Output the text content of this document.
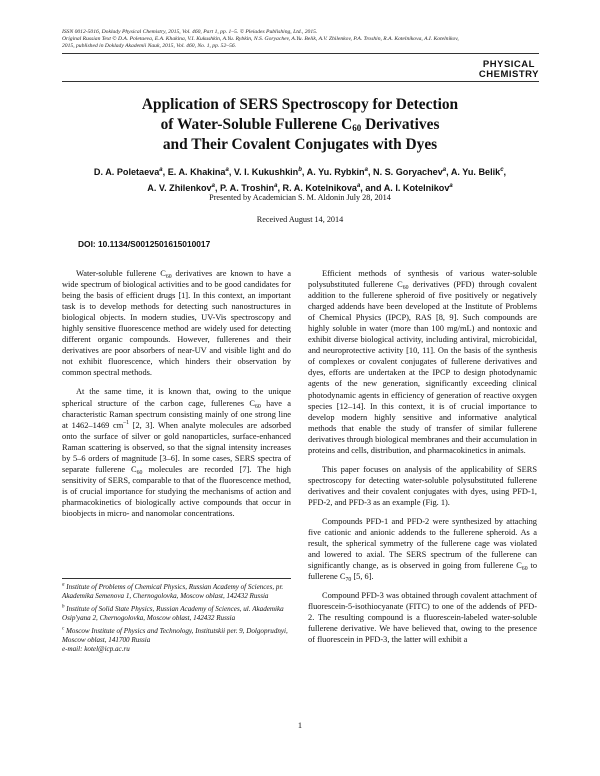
ISSN 0012-5016, Doklady Physical Chemistry, 2015, Vol. 460, Part 1, pp. 1–5. © Pleiades Publishing, Ltd., 2015.
Original Russian Text © D.A. Poletaeva, E.A. Khakina, V.I. Kukushkin, A.Yu. Rybkin, N.S. Goryachev, A.Yu. Belik, A.V. Zhilenkov, P.A. Troshin, R.A. Kotelnikova, A.I. Kotelnikov,
2015, published in Doklady Akademii Nauk, 2015, Vol. 460, No. 1, pp. 52–56.
PHYSICAL
CHEMISTRY
Application of SERS Spectroscopy for Detection
of Water-Soluble Fullerene $C_{60}$ Derivatives
and Their Covalent Conjugates with Dyes
D. A. Poletaeva$^a$, E. A. Khakina$^a$, V. I. Kukushkin$^b$, A. Yu. Rybkin$^a$, N. S. Goryachev$^a$, A. Yu. Belik$^c$,
A. V. Zhilenkov$^a$, P. A. Troshin$^a$, R. A. Kotelnikova$^a$, and A. I. Kotelnikov$^a$
Presented by Academician S. M. Aldonin July 28, 2014
Received August 14, 2014
DOI: 10.1134/S0012501615010017

Water-soluble fullerene $C_{60}$ derivatives are known to have a wide spectrum of biological activities and to be good candidates for being the basis of efficient drugs [1]. In this context, an important task is to develop methods for detecting such nanostructures in biological objects. In modern studies, UV-Vis spectroscopy and highly sensitive fluorescence method are widely used for detecting different organic compounds. However, fullerenes and their derivatives are poor absorbers of near-UV and visible light and do not exhibit fluorescence, which hinders their observation by common spectral methods.

At the same time, it is known that, owing to the unique spherical structure of the carbon cage, fullerenes $C_{60}$ have a characteristic Raman spectrum consisting mainly of one strong line at 1462–1469 $cm^{-1}$ [2, 3]. When analyte molecules are adsorbed onto the surface of silver or gold nanoparticles, surface-enhanced Raman scattering is observed, so that the signal intensity increases by 5–6 orders of magnitude [3–6]. In some cases, SERS spectra of separate fullerene $C_{60}$ molecules are recorded [7]. The high sensitivity of SERS, comparable to that of the fluorescence method, is of crucial importance for studying the mechanisms of action and pharmacokinetics of biologically active compounds that occur in bioobjects in micro- and nanomolar concentrations.

$^a$ Institute of Problems of Chemical Physics, Russian Academy of Sciences, pr. Akademika Semenova 1, Chernogolovka, Moscow oblast, 142432 Russia

$^b$ Institute of Solid State Physics, Russian Academy of Sciences, ul. Akademika Osip'yana 2, Chernogolovka, Moscow oblast, 142432 Russia

$^c$ Moscow Institute of Physics and Technology, Institutskii per. 9, Dolgoprudnyi, Moscow oblast, 141700 Russia

e-mail: kotel@icp.ac.ru

Efficient methods of synthesis of various water-soluble polysubstituted fullerene $C_{60}$ derivatives (PFD) through covalent addition to the fullerene spheroid of five positively or negatively charged addends have been developed at the Institute of Problems of Chemical Physics (IPCP), RAS [8, 9]. Such compounds are highly soluble in water (more than 100 mg/mL) and nontoxic and exhibit diverse biological activity, including antiviral, microbicidal, and neuroprotective activity [10, 11]. On the basis of the synthesis of complexes or covalent conjugates of fullerene derivatives and dyes, efforts are undertaken at the IPCP to design photodynamic agents of the new generation, significantly exceeding clinical photodynamic agents in efficiency of generation of reactive oxygen species [12–14]. In this context, it is of crucial importance to develop modern highly sensitive and informative analytical methods that enable the study of transfer of similar fullerene derivatives through biological membranes and their accumulation in proteins and cells, distribution, and pharmacokinetics in animals.

This paper focuses on analysis of the applicability of SERS spectroscopy for detecting water-soluble polysubstituted fullerene derivatives and their covalent conjugates with dyes, using PFD-1, PFD-2, and PFD-3 as an example (Fig. 1).

Compounds PFD-1 and PFD-2 were synthesized by attaching five cationic and anionic addends to the fullerene spheroid. As a result, the spherical symmetry of the fullerene cage was violated and lowered to axial. The SERS spectrum of the fullerene can significantly change, as is observed in going from fullerene $C_{60}$ to fullerene $C_{70}$ [5, 6].

Compound PFD-3 was obtained through covalent attachment of fluorescein-5-isothiocyanate (FITC) to one of the addends of PFD-2. The resulting compound is a fluorescein-labeled water-soluble fullerene derivative. We have believed that, owing to the presence of fluorescein in PFD-3, the latter will exhibit a

1
